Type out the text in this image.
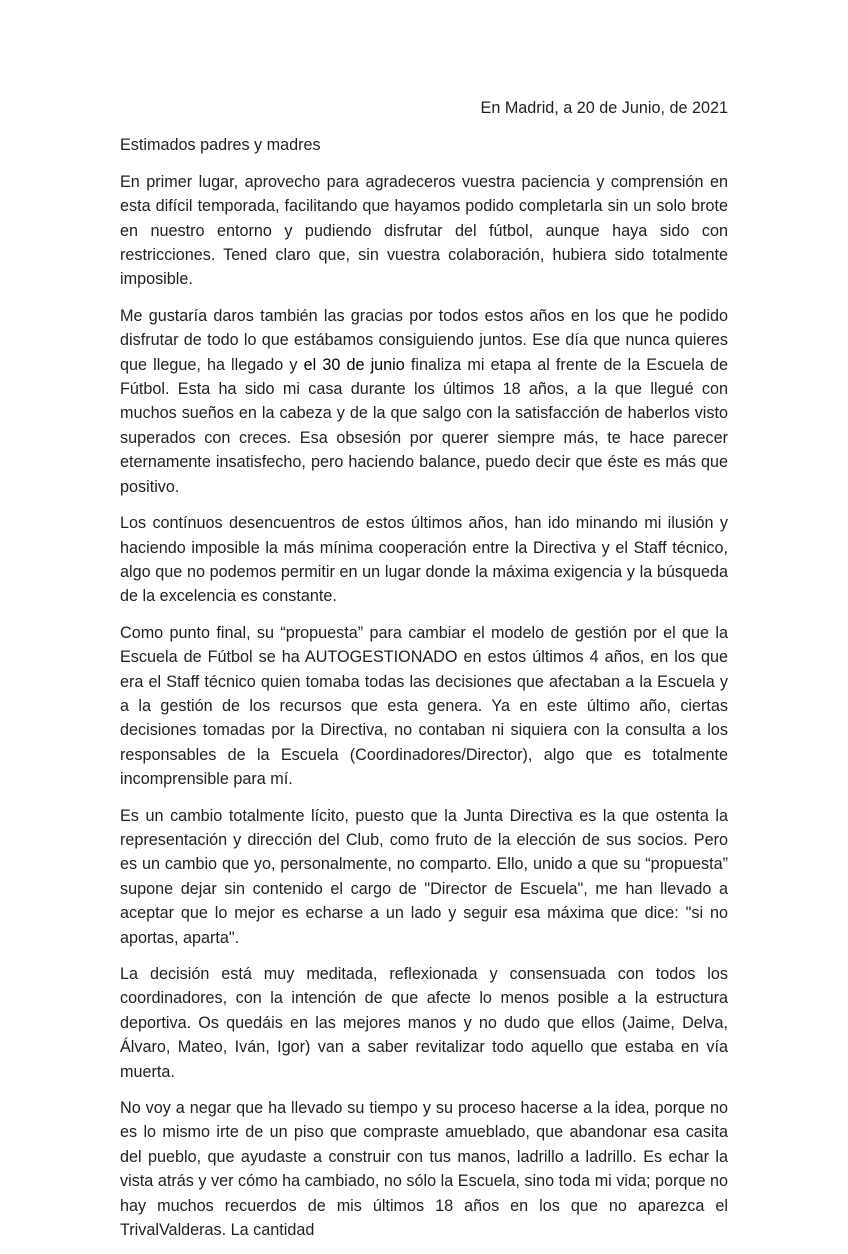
En Madrid, a 20 de Junio, de 2021

Estimados padres y madres

En primer lugar, aprovecho para agradeceros vuestra paciencia y comprensión en esta difícil temporada, facilitando que hayamos podido completarla sin un solo brote en nuestro entorno y pudiendo disfrutar del fútbol, aunque haya sido con restricciones. Tened claro que, sin vuestra colaboración, hubiera sido totalmente imposible.

Me gustaría daros también las gracias por todos estos años en los que he podido disfrutar de todo lo que estábamos consiguiendo juntos. Ese día que nunca quieres que llegue, ha llegado y el 30 de junio finaliza mi etapa al frente de la Escuela de Fútbol. Esta ha sido mi casa durante los últimos 18 años, a la que llegué con muchos sueños en la cabeza y de la que salgo con la satisfacción de haberlos visto superados con creces. Esa obsesión por querer siempre más, te hace parecer eternamente insatisfecho, pero haciendo balance, puedo decir que éste es más que positivo.

Los contínuos desencuentros de estos últimos años, han ido minando mi ilusión y haciendo imposible la más mínima cooperación entre la Directiva y el Staff técnico, algo que no podemos permitir en un lugar donde la máxima exigencia y la búsqueda de la excelencia es constante.

Como punto final, su “propuesta” para cambiar el modelo de gestión por el que la Escuela de Fútbol se ha AUTOGESTIONADO en estos últimos 4 años, en los que era el Staff técnico quien tomaba todas las decisiones que afectaban a la Escuela y a la gestión de los recursos que esta genera. Ya en este último año, ciertas decisiones tomadas por la Directiva, no contaban ni siquiera con la consulta a los responsables de la Escuela (Coordinadores/Director), algo que es totalmente incomprensible para mí.

Es un cambio totalmente lícito, puesto que la Junta Directiva es la que ostenta la representación y dirección del Club, como fruto de la elección de sus socios. Pero es un cambio que yo, personalmente, no comparto. Ello, unido a que su “propuesta” supone dejar sin contenido el cargo de "Director de Escuela", me han llevado a aceptar que lo mejor es echarse a un lado y seguir esa máxima que dice: "si no aportas, aparta".

La decisión está muy meditada, reflexionada y consensuada con todos los coordinadores, con la intención de que afecte lo menos posible a la estructura deportiva. Os quedáis en las mejores manos y no dudo que ellos (Jaime, Delva, Álvaro, Mateo, Iván, Igor) van a saber revitalizar todo aquello que estaba en vía muerta.

No voy a negar que ha llevado su tiempo y su proceso hacerse a la idea, porque no es lo mismo irte de un piso que compraste amueblado, que abandonar esa casita del pueblo, que ayudaste a construir con tus manos, ladrillo a ladrillo. Es echar la vista atrás y ver cómo ha cambiado, no sólo la Escuela, sino toda mi vida; porque no hay muchos recuerdos de mis últimos 18 años en los que no aparezca el TrivalValderas. La cantidad
